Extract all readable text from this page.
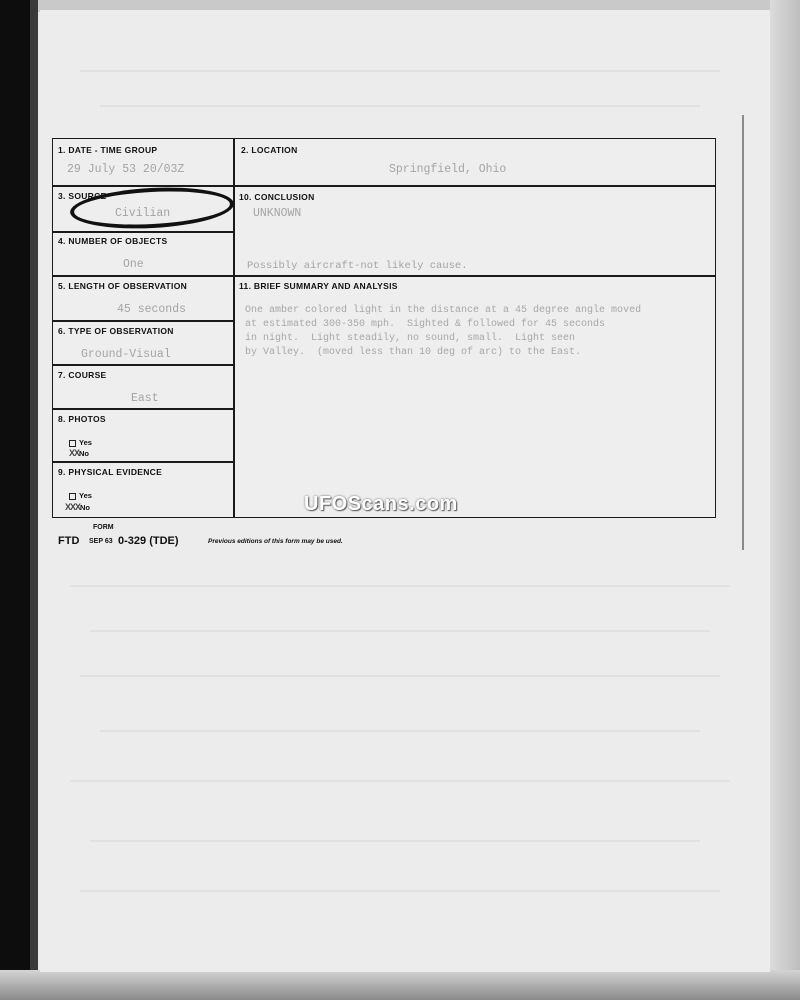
1. DATE - TIME GROUP
29 July 53 20/03Z
2. LOCATION
Springfield, Ohio
3. SOURCE
Civilian
10. CONCLUSION
UNKNOWN
Possibly aircraft-not likely cause.
4. NUMBER OF OBJECTS
One
5. LENGTH OF OBSERVATION
45 seconds
11. BRIEF SUMMARY AND ANALYSIS
6. TYPE OF OBSERVATION
Ground-Visual
7. COURSE
East
8. PHOTOS
Yes
XXNo
9. PHYSICAL EVIDENCE
Yes
XXXNo
One amber colored light in the distance at a 45 degree angle moved
at estimated 300-350 mph.  Sighted & followed for 45 seconds
in night.  Light steadily, no sound, small.  Light seen
by Valley.  (moved less than 10 deg of arc) to the East.
FORM
FTD SEP 63 0-329 (TDE)	Previous editions of this form may be used.
UFOScans.com
